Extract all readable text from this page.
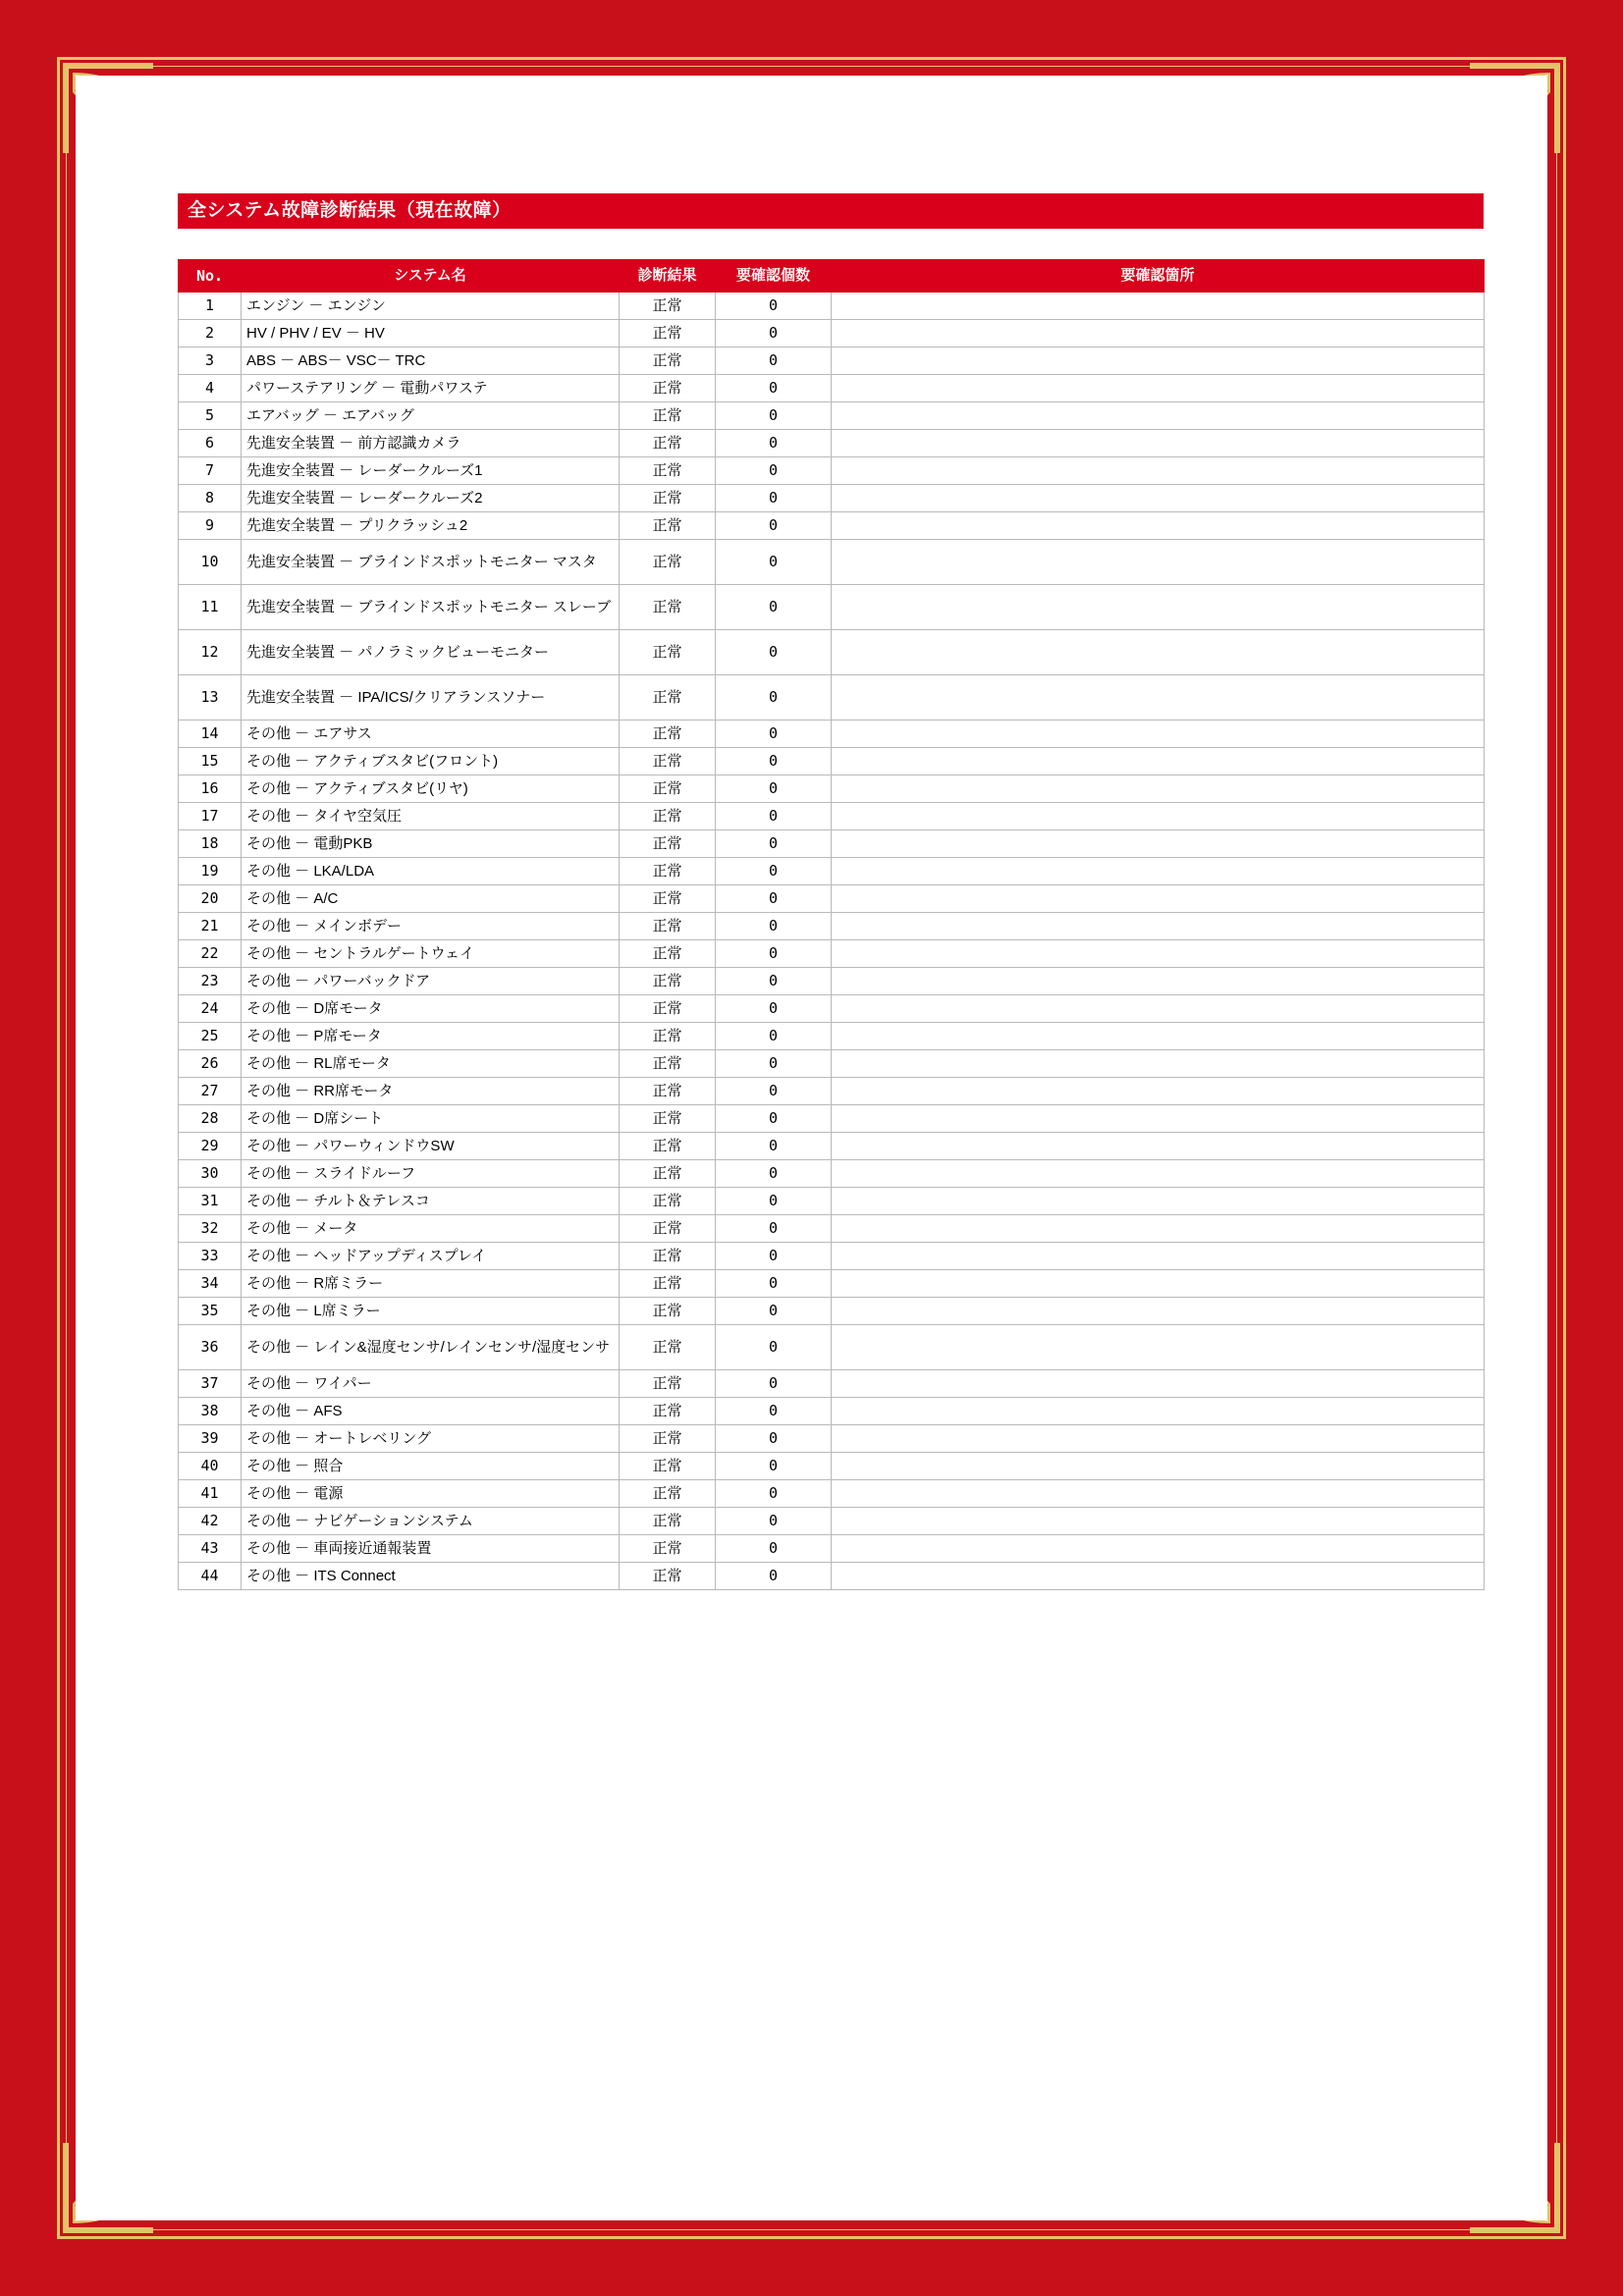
全システム故障診断結果（現在故障）
No.	システム名	診断結果	要確認個数	要確認箇所
1	エンジン － エンジン	正常	0	
2	HV / PHV / EV － HV	正常	0	
3	ABS － ABS－ VSC－ TRC	正常	0	
4	パワーステアリング － 電動パワステ	正常	0	
5	エアバッグ － エアバッグ	正常	0	
6	先進安全装置 － 前方認識カメラ	正常	0	
7	先進安全装置 － レーダークルーズ1	正常	0	
8	先進安全装置 － レーダークルーズ2	正常	0	
9	先進安全装置 － プリクラッシュ2	正常	0	
10	先進安全装置 － ブラインドスポットモニター マスタ	正常	0	
11	先進安全装置 － ブラインドスポットモニター スレーブ	正常	0	
12	先進安全装置 － パノラミックビューモニター	正常	0	
13	先進安全装置 － IPA/ICS/クリアランスソナー	正常	0	
14	その他 － エアサス	正常	0	
15	その他 － アクティブスタビ(フロント)	正常	0	
16	その他 － アクティブスタビ(リヤ)	正常	0	
17	その他 － タイヤ空気圧	正常	0	
18	その他 － 電動PKB	正常	0	
19	その他 － LKA/LDA	正常	0	
20	その他 － A/C	正常	0	
21	その他 － メインボデー	正常	0	
22	その他 － セントラルゲートウェイ	正常	0	
23	その他 － パワーバックドア	正常	0	
24	その他 － D席モータ	正常	0	
25	その他 － P席モータ	正常	0	
26	その他 － RL席モータ	正常	0	
27	その他 － RR席モータ	正常	0	
28	その他 － D席シート	正常	0	
29	その他 － パワーウィンドウSW	正常	0	
30	その他 － スライドルーフ	正常	0	
31	その他 － チルト＆テレスコ	正常	0	
32	その他 － メータ	正常	0	
33	その他 － ヘッドアップディスプレイ	正常	0	
34	その他 － R席ミラー	正常	0	
35	その他 － L席ミラー	正常	0	
36	その他 － レイン&湿度センサ/レインセンサ/湿度センサ	正常	0	
37	その他 － ワイパー	正常	0	
38	その他 － AFS	正常	0	
39	その他 － オートレベリング	正常	0	
40	その他 － 照合	正常	0	
41	その他 － 電源	正常	0	
42	その他 － ナビゲーションシステム	正常	0	
43	その他 － 車両接近通報装置	正常	0	
44	その他 － ITS Connect	正常	0	
